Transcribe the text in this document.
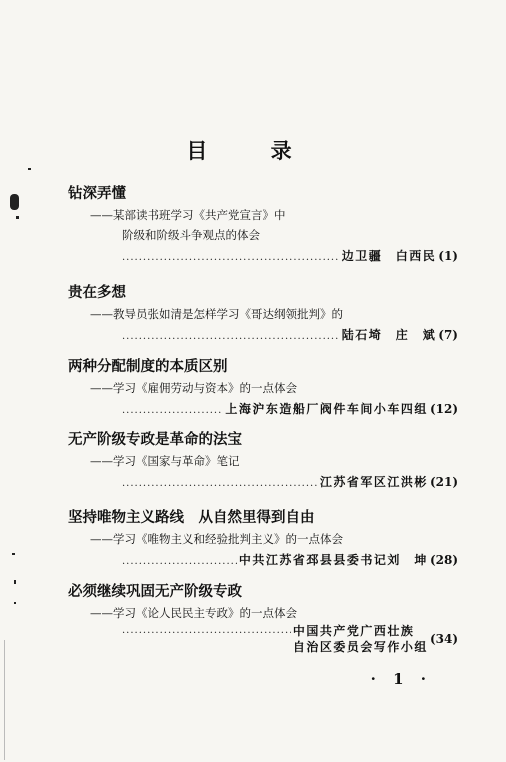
目 录
钻深弄懂
——某部读书班学习《共产党宣言》中
阶级和阶级斗争观点的体会
.....
边卫疆　白西民 (1)
贵在多想
——教导员张如清是怎样学习《哥达纲领批判》的
.....
陆石埼　庄　斌 (7)
两种分配制度的本质区别
——学习《雇佣劳动与资本》的一点体会
.....
上海沪东造船厂阀件车间小车四组 (12)
无产阶级专政是革命的法宝
——学习《国家与革命》笔记
.....
江苏省军区江洪彬 (21)
坚持唯物主义路线　从自然里得到自由
——学习《唯物主义和经验批判主义》的一点体会
.....
中共江苏省邳县县委书记刘　坤 (28)
必须继续巩固无产阶级专政
——学习《论人民民主专政》的一点体会
.....
中国共产党广西壮族
自治区委员会写作小组
(34)
· 1 ·
